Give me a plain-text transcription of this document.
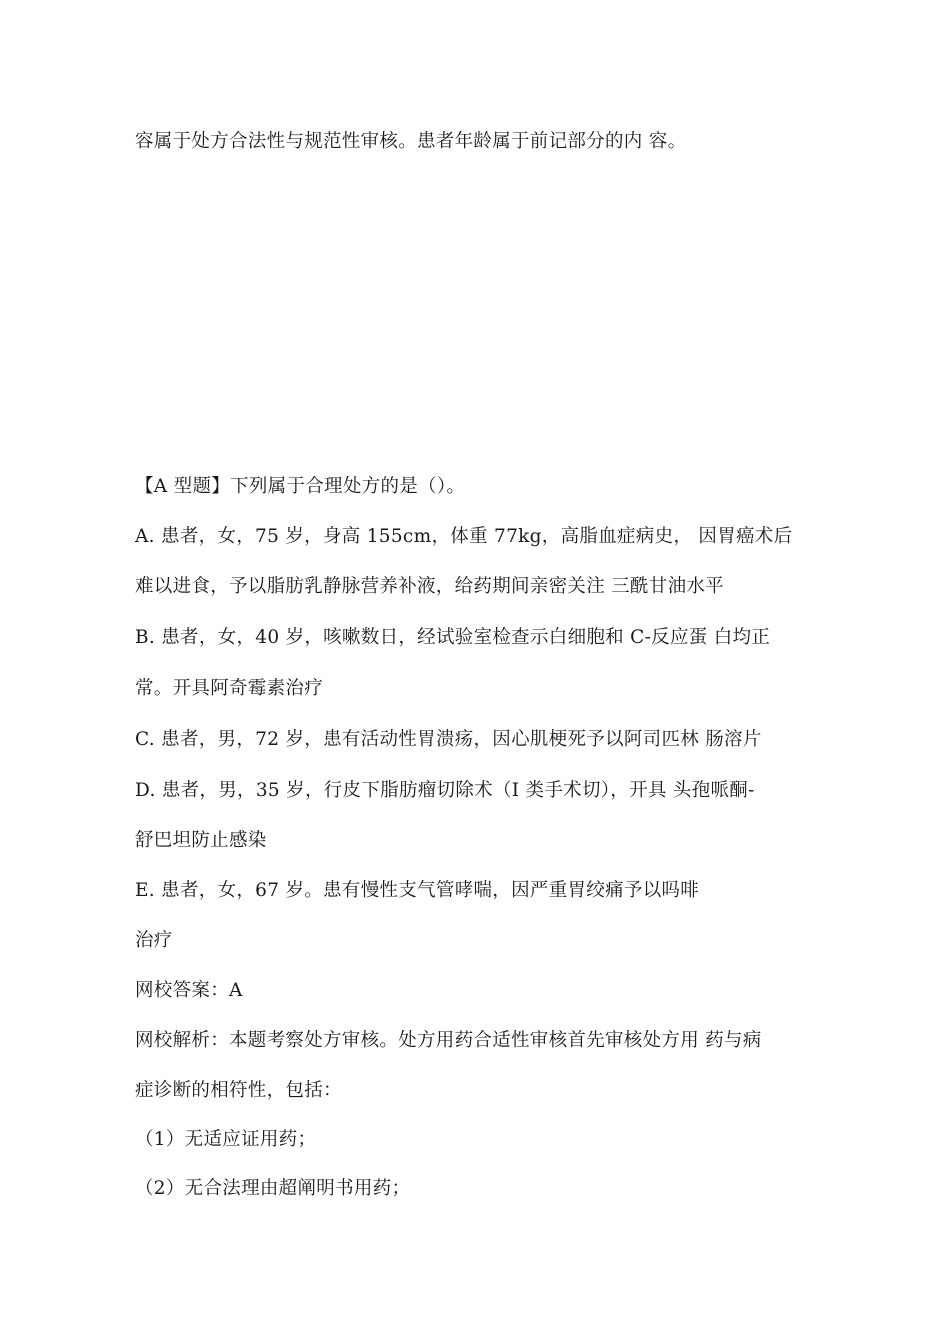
容属于处方合法性与规范性审核。患者年龄属于前记部分的内 容。
【A 型题】下列属于合理处方的是（）。
A. 患者，女，75 岁，身高 155cm，体重 77kg，高脂血症病史， 因胃癌术后
难以进食，予以脂肪乳静脉营养补液，给药期间亲密关注 三酰甘油水平
B. 患者，女，40 岁，咳嗽数日，经试验室检查示白细胞和 C-反应蛋 白均正
常。开具阿奇霉素治疗
C. 患者，男，72 岁，患有活动性胃溃疡，因心肌梗死予以阿司匹林 肠溶片
D. 患者，男，35 岁，行皮下脂肪瘤切除术（I 类手术切），开具 头孢哌酮-
舒巴坦防止感染
E. 患者，女，67 岁。患有慢性支气管哮喘，因严重胃绞痛予以吗啡
治疗
网校答案：A
网校解析：本题考察处方审核。处方用药合适性审核首先审核处方用 药与病
症诊断的相符性，包括：
（1）无适应证用药；
（2）无合法理由超阐明书用药；
